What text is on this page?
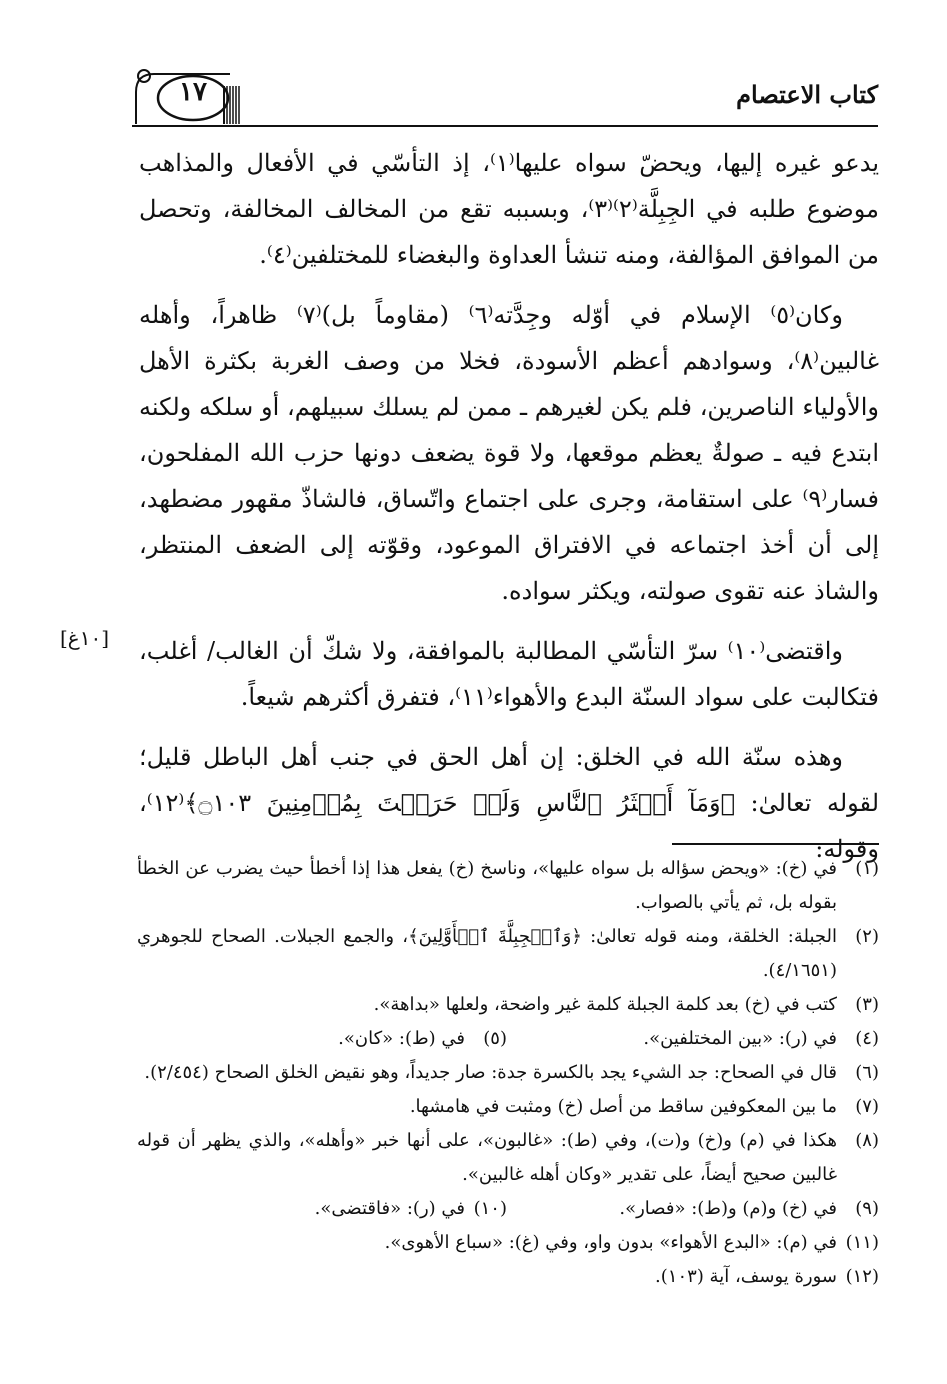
١٧	كتاب الاعتصام

يدعو غيره إليها، ويحضّ سواه عليها⁽١⁾، إذ التأسّي في الأفعال والمذاهب موضوع طلبه في الجِبِلَّة⁽٢⁾⁽٣⁾، وبسببه تقع من المخالف المخالفة، وتحصل من الموافق المؤالفة، ومنه تنشأ العداوة والبغضاء للمختلفين⁽٤⁾.

وكان⁽٥⁾ الإسلام في أوّله وجِدَّته⁽٦⁾ (مقاوماً بل)⁽٧⁾ ظاهراً، وأهله غالبين⁽٨⁾، وسوادهم أعظم الأسودة، فخلا من وصف الغربة بكثرة الأهل والأولياء الناصرين، فلم يكن لغيرهم ـ ممن لم يسلك سبيلهم، أو سلكه ولكنه ابتدع فيه ـ صولةٌ يعظم موقعها، ولا قوة يضعف دونها حزب الله المفلحون، فسار⁽٩⁾ على استقامة، وجرى على اجتماع واتّساق، فالشاذّ مقهور مضطهد، إلى أن أخذ اجتماعه في الافتراق الموعود، وقوّته إلى الضعف المنتظر، والشاذ عنه تقوى صولته، ويكثر سواده.

واقتضى⁽١٠⁾ سرّ التأسّي المطالبة بالموافقة، ولا شكّ أن الغالب/ أغلب، فتكالبت على سواد السنّة البدع والأهواء⁽١١⁾، فتفرق أكثرهم شيعاً.

وهذه سنّة الله في الخلق: إن أهل الحق في جنب أهل الباطل قليل؛ لقوله تعالىٰ: ﴿وَمَآ أَكۡثَرُ ٱلنَّاسِ وَلَوۡ حَرَصۡتَ بِمُؤۡمِنِينَ ۝١٠٣﴾⁽١٢⁾، وقوله:

[١٠غ]

(١)
في (خ): «ويحض سؤاله بل سواه عليها»، وناسخ (خ) يفعل هذا إذا أخطأ حيث يضرب عن الخطأ بقوله بل، ثم يأتي بالصواب.

(٢)
الجبلة: الخلقة، ومنه قوله تعالىٰ: ﴿وَٱلۡجِبِلَّةَ ٱلۡأَوَّلِينَ﴾، والجمع الجبلات. الصحاح للجوهري (٤/١٦٥١).

(٣)
كتب في (خ) بعد كلمة الجبلة كلمة غير واضحة، ولعلها «بداهة».

(٤)
في (ر): «بين المختلفين».

(٥)
في (ط): «كان».

(٦)
قال في الصحاح: جد الشيء يجد بالكسرة جدة: صار جديداً، وهو نقيض الخلق الصحاح (٢/٤٥٤).

(٧)
ما بين المعكوفين ساقط من أصل (خ) ومثبت في هامشها.

(٨)
هكذا في (م) و(خ) و(ت)، وفي (ط): «غالبون»، على أنها خبر «وأهله»، والذي يظهر أن قوله غالبين صحيح أيضاً، على تقدير «وكان أهله غالبين».

(٩)
في (خ) و(م) و(ط): «فصار».

(١٠)
في (ر): «فاقتضى».

(١١)
في (م): «البدع الأهواء» بدون واو، وفي (غ): «سباع الأهوى».

(١٢)
سورة يوسف، آية (١٠٣).
